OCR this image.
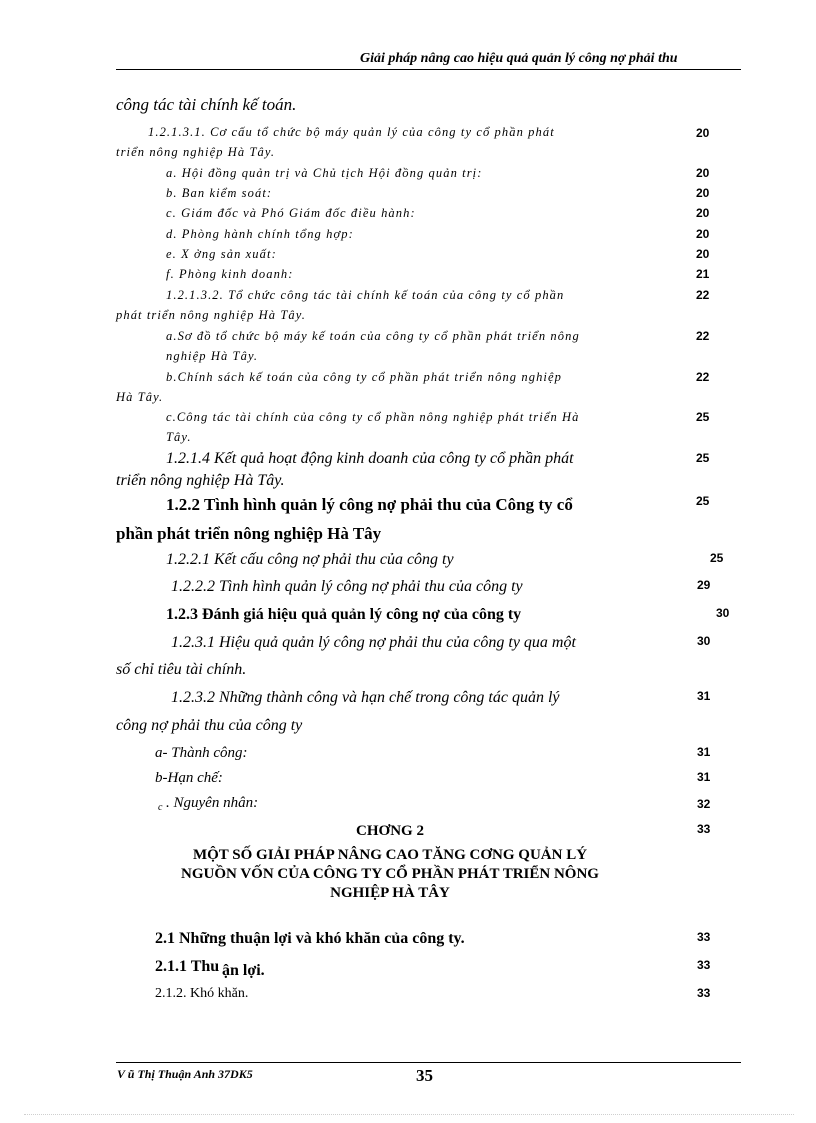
Giải pháp nâng cao hiệu quả quản lý công nợ phải thu
công tác tài chính kế toán.
1.2.1.3.1. Cơ cấu tổ chức bộ máy quản lý của công ty cổ phần phát	20
triển nông nghiệp Hà Tây.
a. Hội đồng quản trị và Chủ tịch Hội đồng quản trị:	20
b. Ban kiểm soát:	20
c. Giám đốc và Phó Giám đốc điều hành:	20
d. Phòng hành chính tổng hợp:	20
e. X ởng sản xuất:	20
f. Phòng kinh doanh:	21
1.2.1.3.2. Tổ chức công tác tài chính kế toán của công ty cổ phần	22
phát triển nông nghiệp Hà Tây.
a.Sơ đồ tổ chức bộ máy kế toán của công ty cổ phần phát triển nông	22
nghiệp Hà Tây.
b.Chính sách kế toán của công ty cổ phần phát triển nông nghiệp	22
Hà Tây.
c.Công tác tài chính của công ty cổ phần nông nghiệp phát triển Hà	25
Tây.
1.2.1.4 Kết quả hoạt động kinh doanh của công ty cổ phần phát	25
triển nông nghiệp Hà Tây.
1.2.2 Tình hình quản lý công nợ phải thu của Công ty cổ	25
phần phát triển nông nghiệp Hà Tây
1.2.2.1 Kết cấu công nợ phải thu của công ty	25
1.2.2.2 Tình hình quản lý công nợ phải thu của công ty	29
1.2.3 Đánh giá hiệu quả quản lý công nợ của công ty	30
1.2.3.1 Hiệu quả quản lý công nợ phải thu của công ty qua một	30
số chỉ tiêu tài chính.
1.2.3.2 Những thành công và hạn chế trong công tác quản lý	31
công nợ phải thu của công ty
a- Thành công:	31
b-Hạn chế:	31
c . Nguyên nhân:	32
CHƠNG 2	33
MỘT SỐ GIẢI PHÁP NÂNG CAO TĂNG CƠNG QUẢN LÝ
NGUỒN VỐN CỦA CÔNG TY CỔ PHẦN PHÁT TRIỂN NÔNG
NGHIỆP HÀ TÂY
2.1 Những thuận lợi và khó khăn của công ty.	33
2.1.1 Thu ận lợi.	33
2.1.2. Khó khăn.	33
V ũ Thị Thuận Anh 37DK5	35
